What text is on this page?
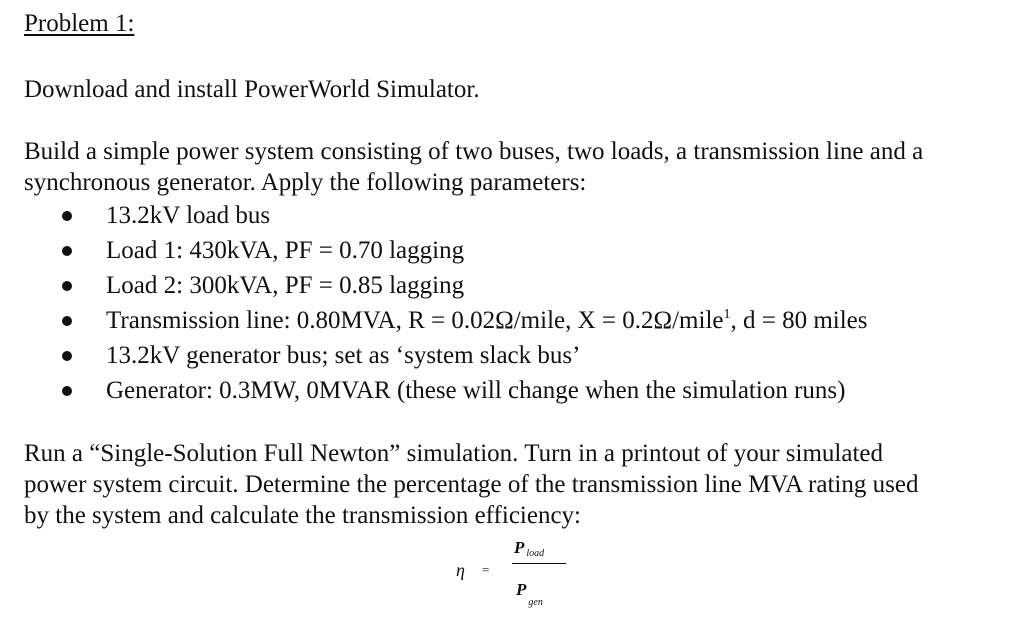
Problem 1:
Download and install PowerWorld Simulator.
Build a simple power system consisting of two buses, two loads, a transmission line and a
synchronous generator. Apply the following parameters:
13.2kV load bus
Load 1: 430kVA, PF = 0.70 lagging
Load 2: 300kVA, PF = 0.85 lagging
Transmission line: 0.80MVA, R = 0.02Ω/mile, X = 0.2Ω/mile$^1$, d = 80 miles
13.2kV generator bus; set as ‘system slack bus’
Generator: 0.3MW, 0MVAR (these will change when the simulation runs)
Run a “Single-Solution Full Newton” simulation. Turn in a printout of your simulated
power system circuit. Determine the percentage of the transmission line MVA rating used
by the system and calculate the transmission efficiency:
η =
P $_{load}$
$P_{gen}$
